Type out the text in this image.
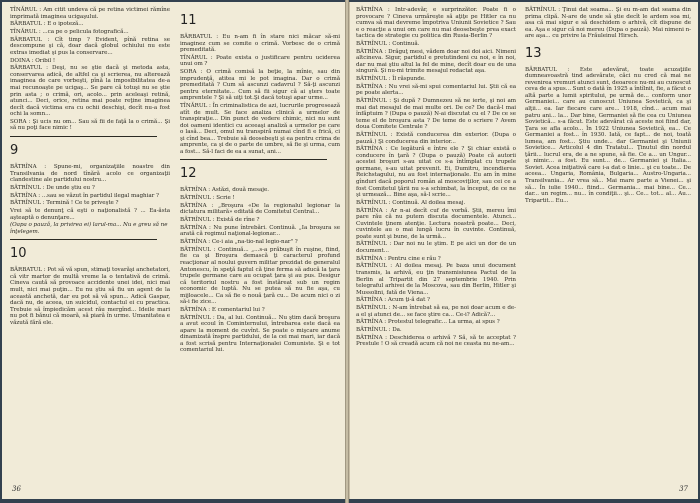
TÎNĂRUL : Am citit undeva că pe retina victimei rămîne imprimată imaginea ucigaşului.

BĂRBATUL : E o ipoteză...

TÎNĂRUL : ...ca pe o pelicula fotografică...

BĂRBATUL : Cît timp ? Evident, pînă retina se descompune şi că, doar dacă globul ochiului nu este extras imediat şi pus la conservare...

DOINA : Oribil !

BĂRBATUL : Deşi, nu se ştie dacă şi metoda asta, conservarea adică, de altfel ca şi scrierea, nu alterează imaginea de care vorbeşti, pînă la imposibilitatea de-a mai recunoaşte pe ucigaş... Se pare că totuşi nu se ştie prin asta ; o crimă, ori, acolo... prin aceleaşi retină, atunci... Deci, orice, retina mai poate reţine imaginea decît dacă victima era cu ochii deschişi, decît nu-a fost ochi la somn...

SORA : Şi ucis nu om... Sau să fii de faţă la o crimă... Şi să nu poţi face nimic !

9

BĂTRÎNA : Spune-mi, organizaţiile noastre din Transilvania de nord tînără acolo ce organizaţii clandestine ale partidului nostru...

BĂTRÎNUL : De unde ştiu eu ?

BĂTRÎNA : ...sau se văzut în partidul ilegal maghiar ?

BĂTRÎNUL : Termină ! Ce te priveşte ?

Vrei să te denunţ că eşti o naţionalistă ? ... Ea-ăsta aşteaptă o denunţare...

(Oapa o pauză, la privirea ei) larul-ma... Nu e greu să ne înţelegem.

10

BĂRBATUL : Pot să vă spun, stimaţi tovarăşi anchetatori, că vitr martor de multă vreme la o tentativă de crimă. Cineva caută să provoace accidente unei idei, nici mai mult, nici mai puţin... Eu nu ştiu să fiu un agent de la această anchetă, dar eu pot să vă spun... Adică Gaspar, dacă nu, de aceea, un suicidul, contactul ei cu practica. Trebuie să împiedicăm acest rău mergînd... Ideile mari nu pot fi bănui că moară, să piară în urme. Umanitatea e văzută fără ele.

11

BĂRBATUL : Eu n-am fi în stare nici măcar să-mi imaginez cum se comite o crimă. Vorbesc de o crimă premeditată.

TÎNĂRUL : Poate exista o justificare pentru uciderea unui om ?

SORA : O crimă comisă la beţie, la mînie, sau din imprudenţă, atitea mi le pot imagina. Dar o crimă premeditată ? Cum să ascunzi cadavrul ? Să-ţi ascunzi pentru eternitate... Cum să fii sigur că ai şters toate amprentele ? Şi să uiţi tot.Şi dacă totuşi apar urme...

TÎNĂRUL : În criminalistica de azi, lucrurile progresează atît de mult. Se face analiza clinică a urmelor de transpiraţie... Din punct de vedere chimic, nici nu sunt doi oameni identici cu aceeaşi analiză a urmelor pe care o lasă... Deci, omul nu transpiră numai cînd fi e frică, ci şi cînd bea... Trebuie să deosebeşti şi ea pentru crima de amprente, ca şi de o parte de umbre, să fie şi urma, cum a fost... Să-l faci de ea a sunat, ani...

12

BĂTRÎNA : Astăzi, două mesaje.

BĂTRÎNUL : Scrie !

BĂTRÎNA : „Broşura «De la regionalul legionar la dictatura militară» editată de Comitetul Central...

BĂTRÎNUL : Există de rîne ?

BĂTRÎNA : Nu pune întrebări. Continuă. „Ia broşura se arată că regimul naţional-legionar...

BĂTRÎNA : Ce-i aia „na-tio-nal legio-nar" ?

BĂTRÎNUL : Continuă... „...s-a prăbuşit în ruşine, fiind, fie ca şi Broşura demască ţi caracterul profund reacţionar al noului guvern militar prezidat de generalul Antonescu, în speţă faptul că ţine ferma să aducă la ţara trupele germane care au ocupat ţara şi au pus. Desigur că teritoriul nostru a fost înstăreat sub un regim economic de luptă. Nu se putea să nu fie aşa, cu mijloacele... Ca să fie o nouă ţară cu... De acum nici o zi să-i fie zice...

BĂTRÎNA : E comentariul lui ?

BĂTRÎNUL : Da, al lui. Continuă... Nu ştim dacă broşura a avut ecoul în Cominternului, întrebarea este dacă ea apare la moment de cuvînt. Se poate o mişcare anume dinamizată înspre partidului, de la cei mai mari, iar dacă a fost scrisă pentru Internaţionalei Comuniste. Şi e tot comentariul lui.

36

BĂTRÎNA : Intr-adevăr, e surprinzător. Poate fi o provocare ? Cineva urmăreşte să aţiţe pe Hitler ca nu cumva să mai devreme împotriva Uniunii Sovietice ? Sau e o reacţie a unui om care nu mai deosebeşte prea exact tactica de strategie cu politica din Rusia-Berlin ?

BĂTRÎNUL : Continuă.

BĂTRÎNA : Drăguţ mesi, vădem doar noi doi aici. Nimeni altcineva. Sigur, partidul e pretutindeni cu noi, e în noi, dar nu mai ştiu altul la fel de mine, decît doar eu de una singură. Şi nu-mi trimite mesajul redactat aşa.

BĂTRÎNUL : Îl răspunde.

BĂTRÎNA : Nu vrei să-mi spui comentariul lui. Ştii că ea pe poate alerta...

BĂTRÎNUL : Şi după ? Dumnezeu să ne ierte, şi noi am mai dat mesajul de mai multe ori. De ce? De dacă-l mai înfăptuim ? (Dupa o pauză) N-ai discutat cu el ? De ce se teme el de broşura asta ? De teme de o scriere ? Avem doua Comitete Centrale ?

BĂTRÎNUL : Există conducerea din exterior. (Dupa o pauză.) Şi conducerea din interior...

BĂTRÎNA : Ce legătură e între ele ? Şi chiar există o conducere în ţară ? (Dupa o pauză) Poate că autorii acestei broşuri s-au uitat ce s-a întîmplat cu trupele germane, s-au uitat prevenit. Ei, Dumitru, incendierea Reichstagului, nu au fost internaţionale. Eu am în mine gînduri dacă poporul român al moscoviţilor, sau cei ce a fost Comitetul ţării nu s-a schimbat, la început, de ce ne şi urmează... Bine aşa, să-l scrie...

BĂTRÎNUL : Continuă. Al doilea mesaj.

BĂTRÎNA : Ar n-ai decît cuf de vorbă. Ştii, mereu îmi pare rău că nu putem discuta documentele. Atunci... Cuvintele ţinem atenţie. Lectura noastră poate... Deci, cuvintele au o mai lungă lucru în cuvinte. Continuă, poate sunt şi bune, de la urmă...

BĂTRÎNUL : Dar noi nu le ştim. E pe aici un dor de un document...

BĂTRÎNA : Pentru cine e rău ?

BĂTRÎNUL : Al doilea mesaj. Pe baza unui document transmis, la arhivă, eu ţin transmisiunea Pactul de la Berlin al Tripartit din 27 septembrie 1940. Prin telegraful arhivei de la Moscova, sau din Berlin, Hitler şi Mussolini, fată de Viena...

BĂTRÎNA : Acum ţi-ă dat ?

BĂTRÎNUL : N-am întrebat să ea, pe noi doar acum e de-a el şi atunci de... se face ştire ca... Ce-i? Adică?...

BĂTRÎNA : Protestul telegrafic... La urma, ai spus ?

BĂTRÎNUL : Da.

BĂTRÎNA : Deschiderea o arhivă ? Să, să te acceptat ? Prestule ! O să creadă acum că noi ne ceasta nu ne-am...

BĂTRÎNUL : Ţinui dat seama... Şi eu m-am dat seama din prima clipă. N-are de unde să ştie decît le ardem soa mi, asa că mai sigur e să deschidem o arhivă, cît dispune de ea. Aşa e sigur că noi mereu (Dupa o pauză). Mai nimeni n-are aşa... cu privire la Frăuleinul Hirsch.

13

BĂRBATUL : Este adevărat, toate acuzaţiile dumneavoastră tind adevărate, căci nu cred că mai ne revenirea vremuri atunci sunt, deoarece nu-mi au cunoscut ceva de a spus... Sunt o dată în 1925 a întîlnit, fie, a făcut o altă parte a lumii spiritului, pe urmă de... conform unor Germaniei... care au cunoscut Uniunea Sovietică, ca şi alţii... ea. Iar fiecare care are... 1918, cînd... acum mai patru ani... la... Dar bine, Germaniei să fie cea cu Uniunea Sovietică... s-a făcut. Este adevărat că aceste noi fiind dar, Ţara se afla acolo... În 1922 Uniunea Sovietică, ea... Ce Germaniei a fost... în 1930. Iată, ce fapt... de noi, toată lumea, am fost... Ştiu unde... dar Germaniei şi Uniunii Sovietice... Articolul 4 din Tratatul... Ţinutul din nordul ţării... lucrul era, de a ne spune, să fie. Ce a... un Ungur... şi nimic... a fost. Eu sunt... de... Germaniei şi Italia... Soviet. Acea iniţiativă care i-a dat o linie... şi cu toate... De aceea... Ungaria, România, Bulgaria... Austro-Ungaria... Transilvania... Ar vrea să... Mai mare parte a Vienei... şi să... În iulie 1940... fiind... Germania... mai bine... Ce... dar... un regim... nu... în condiţii... şi... Ce... tot... al... Au... Tripartit... Eu...

37
